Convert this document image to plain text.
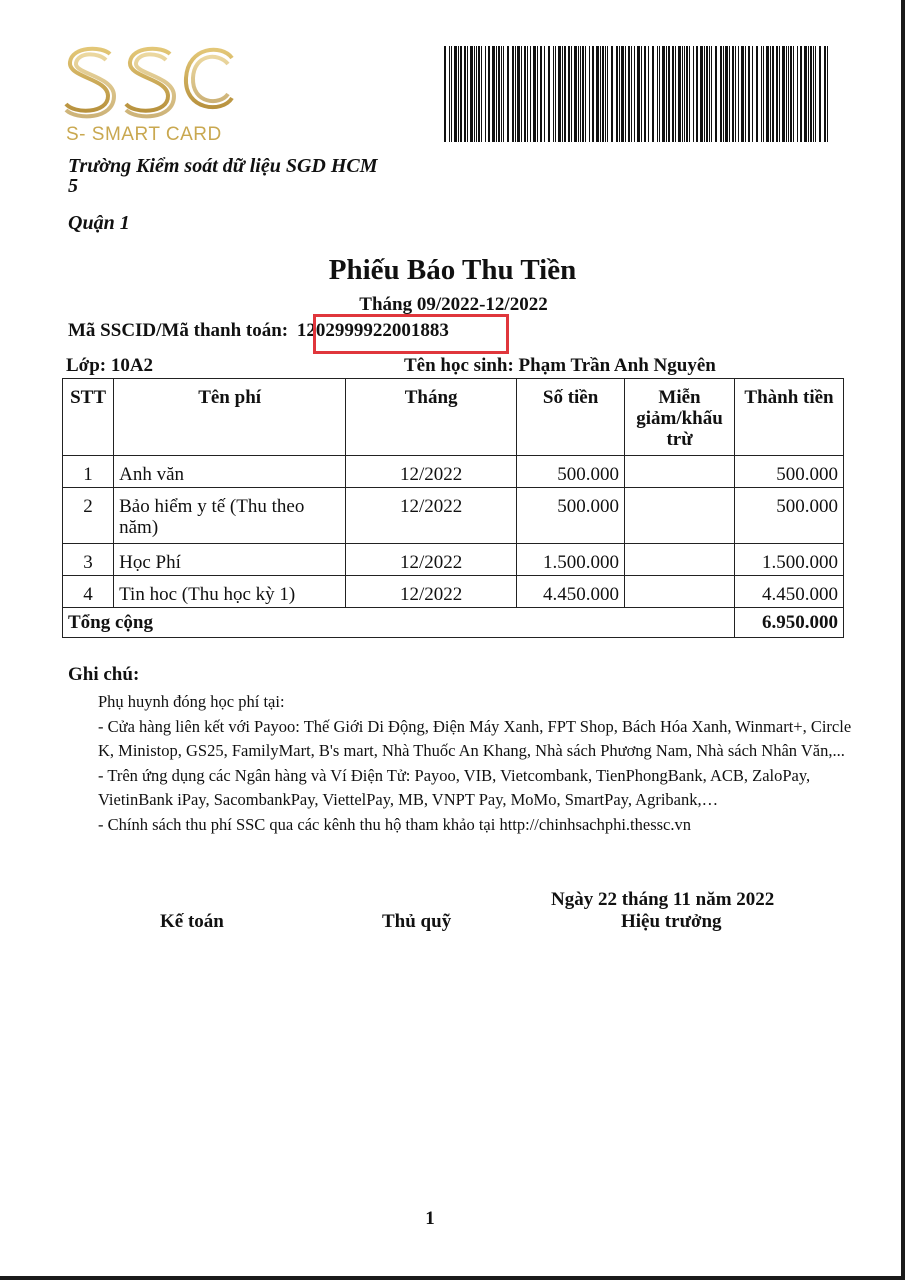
S- SMART CARD
Trường Kiểm soát dữ liệu SGD HCM
5
Quận 1
Phiếu Báo Thu Tiền
Tháng 09/2022-12/2022
Mã SSCID/Mã thanh toán: 1202999922001883
Lớp: 10A2	Tên học sinh: Phạm Trần Anh Nguyên
STT	Tên phí	Tháng	Số tiền	Miễn giảm/khấu trừ	Thành tiền
1	Anh văn	12/2022	500.000		500.000
2	Bảo hiểm y tế (Thu theo năm)	12/2022	500.000		500.000
3	Học Phí	12/2022	1.500.000		1.500.000
4	Tin hoc (Thu học kỳ 1)	12/2022	4.450.000		4.450.000
Tổng cộng					6.950.000
Ghi chú:
Phụ huynh đóng học phí tại:
- Cửa hàng liên kết với Payoo: Thế Giới Di Động, Điện Máy Xanh, FPT Shop, Bách Hóa Xanh, Winmart+, Circle K, Ministop, GS25, FamilyMart, B's mart, Nhà Thuốc An Khang, Nhà sách Phương Nam, Nhà sách Nhân Văn,...
- Trên ứng dụng các Ngân hàng và Ví Điện Tử: Payoo, VIB, Vietcombank, TienPhongBank, ACB, ZaloPay, VietinBank iPay, SacombankPay, ViettelPay, MB, VNPT Pay, MoMo, SmartPay, Agribank,…
- Chính sách thu phí SSC qua các kênh thu hộ tham khảo tại http://chinhsachphi.thessc.vn
Ngày 22 tháng 11 năm 2022
Kế toán	Thủ quỹ	Hiệu trưởng
1
